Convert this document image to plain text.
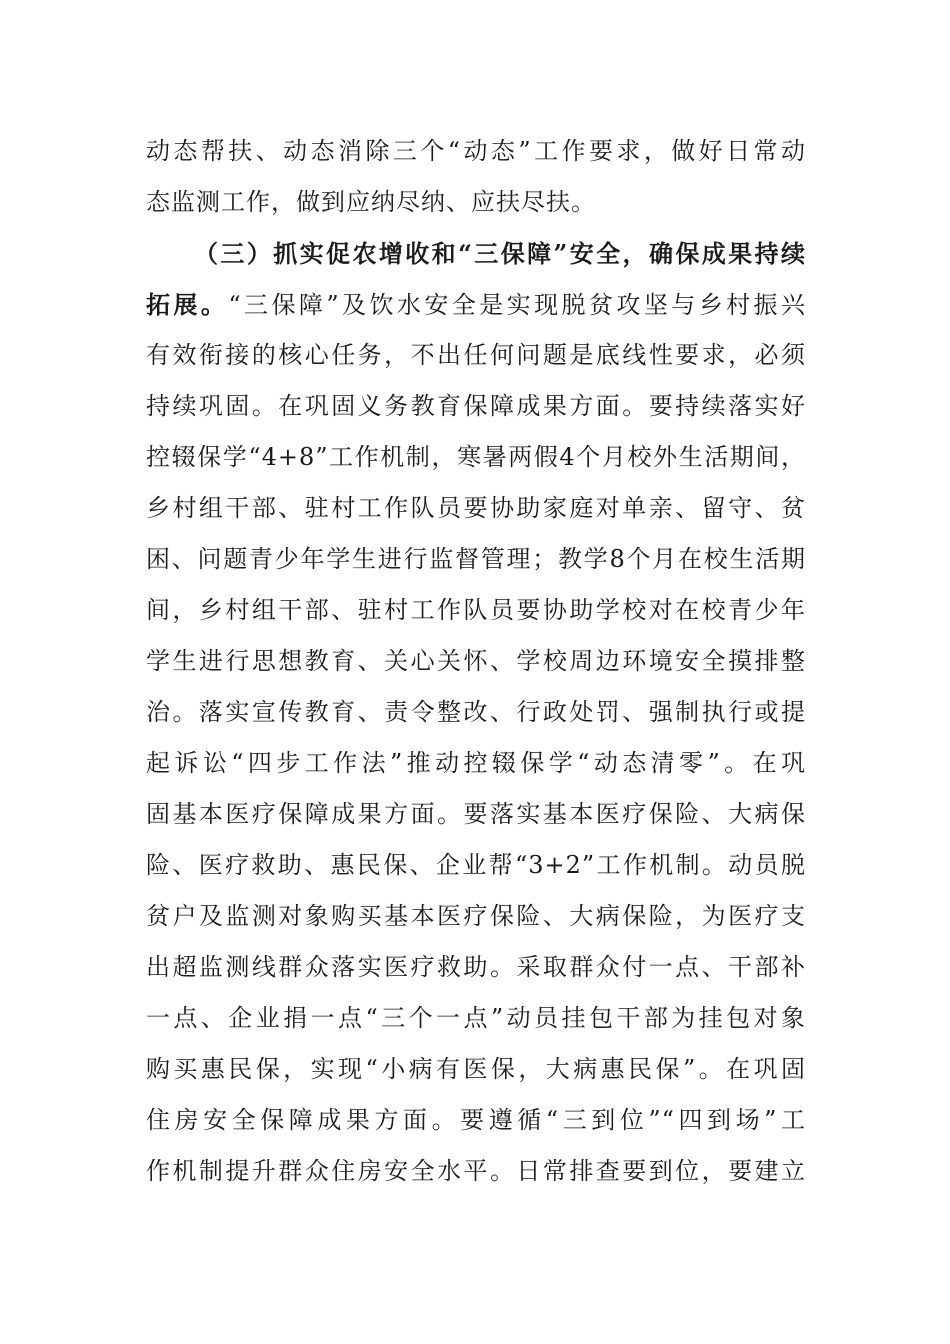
动态帮扶、动态消除三个“动态”工作要求，做好日常动
态监测工作，做到应纳尽纳、应扶尽扶。
（三）抓实促农增收和“三保障”安全，确保成果持续
拓展。“三保障”及饮水安全是实现脱贫攻坚与乡村振兴
有效衔接的核心任务，不出任何问题是底线性要求，必须
持续巩固。在巩固义务教育保障成果方面。要持续落实好
控辍保学“4+8”工作机制，寒暑两假4个月校外生活期间，
乡村组干部、驻村工作队员要协助家庭对单亲、留守、贫
困、问题青少年学生进行监督管理；教学8个月在校生活期
间，乡村组干部、驻村工作队员要协助学校对在校青少年
学生进行思想教育、关心关怀、学校周边环境安全摸排整
治。落实宣传教育、责令整改、行政处罚、强制执行或提
起诉讼“四步工作法”推动控辍保学“动态清零”。在巩
固基本医疗保障成果方面。要落实基本医疗保险、大病保
险、医疗救助、惠民保、企业帮“3+2”工作机制。动员脱
贫户及监测对象购买基本医疗保险、大病保险，为医疗支
出超监测线群众落实医疗救助。采取群众付一点、干部补
一点、企业捐一点“三个一点”动员挂包干部为挂包对象
购买惠民保，实现“小病有医保，大病惠民保”。在巩固
住房安全保障成果方面。要遵循“三到位”“四到场”工
作机制提升群众住房安全水平。日常排查要到位，要建立
